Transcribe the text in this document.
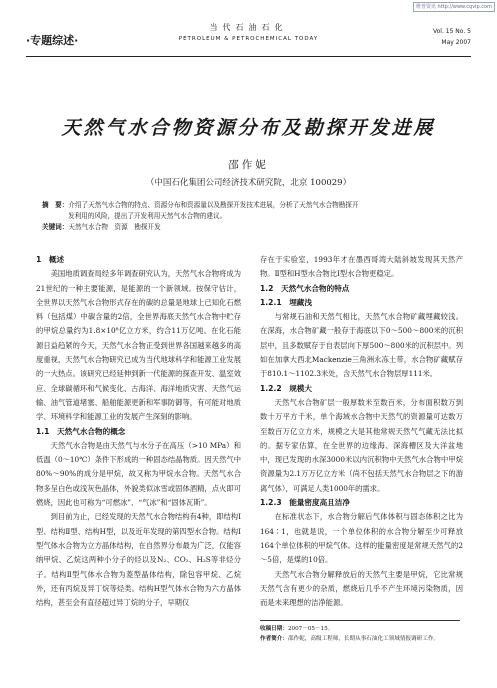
维普资讯 http://www.cqvip.com
·专题综述·
当代石油石化
PETROLEUM & PETROCHEMICAL TODAY
Vol. 15 No. 5
May 2007
天然气水合物资源分布及勘探开发进展
邵作妮
（中国石化集团公司经济技术研究院，北京 100029）

摘　要：介绍了天然气水合物的特点、资源分布和资源量以及勘探开发技术进展，分析了天然气水合物勘探开

发利用的风险，提出了开发利用天然气水合物的建议。

关键词：天然气水合物　资源　勘探开发

1　概述

美国地质调查局经多年调查研究认为，天然气水合物将成为21世纪的一种主要能源，是能源的一个新领域。按保守估计，全世界以天然气水合物形式存在的碳的总量是地球上已知化石燃料（包括煤）中碳含量的2倍，全世界海底天然气水合物中贮存的甲烷总量约为1.8×10⁸亿立方米，约合11万亿吨。在化石能源日益趋紧的今天，天然气水合物正受到世界各国越来越多的高度重视，天然气水合物研究已成为当代地球科学和能源工业发展的一大热点。该研究已经延伸到新一代能源的探查开发、温室效应、全球碳循环和气候变化、古海洋、海洋地质灾害、天然气运输、油气管道堵塞、船舶能源更新和军事防御等，有可能对地质学、环境科学和能源工业的发展产生深刻的影响。

1.1　天然气水合物的概念

天然气水合物是由天然气与水分子在高压（>10 MPa）和低温（0～10℃）条件下形成的一种固态结晶物质。因天然气中80%～90%的成分是甲烷，故又称为甲烷水合物。天然气水合物多呈白色或浅灰色晶体，外貌类似冰雪或固体酒精，点火即可燃烧，因此也可称为“可燃冰”、“气冰”和“固体瓦斯”。

到目前为止，已经发现的天然气水合物结构有4种，即结构Ⅰ型、结构Ⅱ型、结构H型，以及近年发现的第四型水合物。结构Ⅰ型气体水合物为立方晶体结构，在自然界分布最为广泛，仅能容纳甲烷、乙烷这两种小分子的烃以及N₂、CO₂、H₂S等非烃分子。结构Ⅱ型气体水合物为菱型晶体结构，除包容甲烷、乙烷外，还有丙烷及异丁烷等烃类。结构H型气体水合物为六方晶体结构，甚至会有直径超过异丁烷的分子，早期仅

存在于实验室，1993年才在墨西哥湾大陆斜坡发现其天然产物。Ⅱ型和H型水合物比Ⅰ型水合物更稳定。

1.2　天然气水合物的特点
1.2.1　埋藏浅

与常规石油和天然气相比，天然气水合物矿藏埋藏较浅。在深海，水合物矿藏一般存于海底以下0～500～800米的沉积层中，且多数赋存于自表层向下厚500～800米的沉积层中。列如在加拿大西北Mackenzie三角洲永冻土带，水合物矿藏赋存于810.1～1102.3米处，含天然气水合物层厚111米。

1.2.2　规模大

天然气水合物矿层一般厚数米至数百米，分布面积数万到数十万平方千米，单个海域水合物中天然气的资源量可达数万至数百万亿立方米，规模之大是其他常规天然气气藏无法比拟的。据专家估算，在全世界的边缘海、深海槽区及大洋盆地中，现已发现的水深3000米以内沉积物中天然气水合物中甲烷资源量为2.1万万亿立方米（尚不包括天然气水合物层之下的游离气体），可满足人类1000年的需求。

1.2.3　能量密度高且洁净

在标准状态下，水合物分解后气体体积与固态体积之比为164∶1，也就是说，一个单位体积的水合物分解至少可释放164个单位体积的甲烷气体。这样的能量密度是常规天然气的2～5倍，是煤的10倍。

天然气水合物分解释放后的天然气主要是甲烷，它比常规天然气含有更少的杂质，燃烧后几乎不产生环境污染物质，因而是未来理想的洁净能源。

收稿日期：2007－05－15。
作者简介：邵作妮，高级工程师，长期从事石油化工领域情报调研工作。
